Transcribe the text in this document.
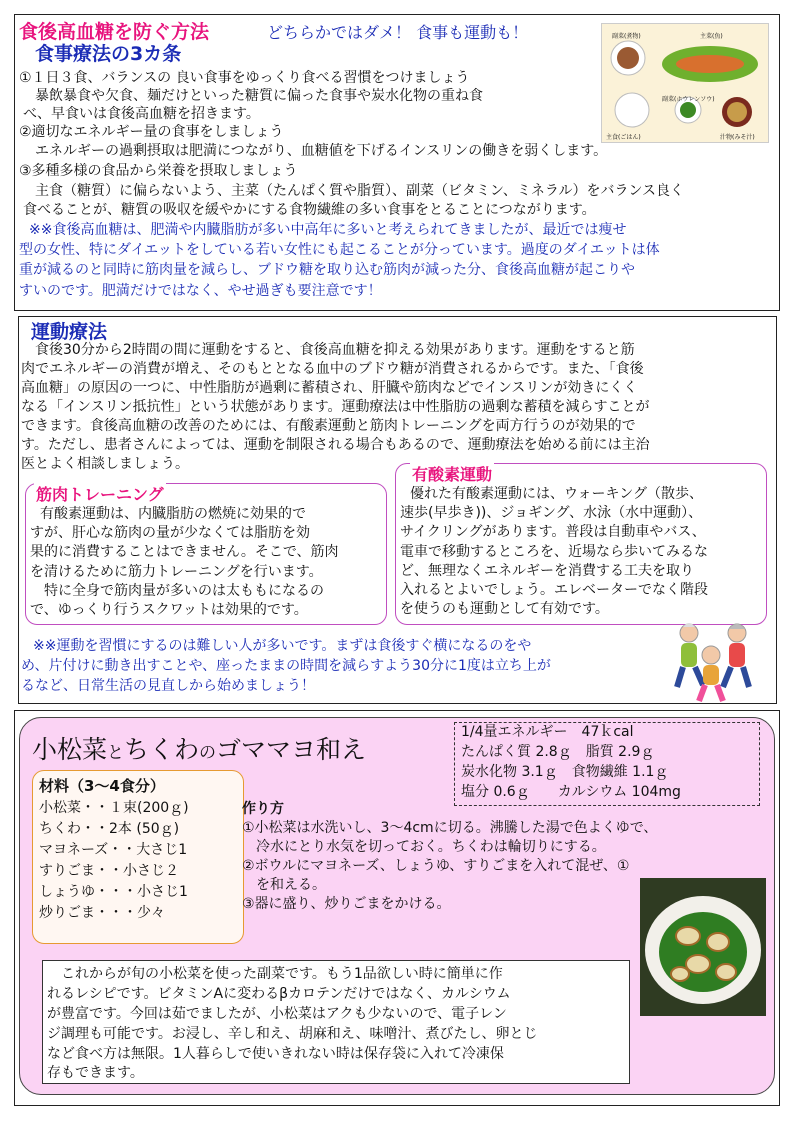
食後高血糖を防ぐ方法	どちらかではダメ！ 食事も運動も！
食事療法の3カ条
①１日３食、バランスの 良い食事をゆっくり食べる習慣をつけましょう
暴飲暴食や欠食、麺だけといった糖質に偏った食事や炭水化物の重ね食
べ、早食いは食後高血糖を招きます。
②適切なエネルギー量の食事をしましょう
エネルギーの過剰摂取は肥満につながり、血糖値を下げるインスリンの働きを弱くします。
③多種多様の食品から栄養を摂取しましょう
主食（糖質）に偏らないよう、主菜（たんぱく質や脂質）、副菜（ビタミン、ミネラル）をバランス良く
食べることが、糖質の吸収を緩やかにする食物繊維の多い食事をとることにつながります。
※※食後高血糖は、肥満や内臓脂肪が多い中高年に多いと考えられてきましたが、最近では痩せ
型の女性、特にダイエットをしている若い女性にも起こることが分っています。過度のダイエットは体
重が減るのと同時に筋肉量を減らし、ブドウ糖を取り込む筋肉が減った分、食後高血糖が起こりや
すいのです。肥満だけではなく、やせ過ぎも要注意です！
副菜(煮物)	主菜(魚)
副菜(ホウレンソウ)
主食(ごはん)	汁物(みそ汁)
運動療法
　食後30分から2時間の間に運動をすると、食後高血糖を抑える効果があります。運動をすると筋
肉でエネルギーの消費が増え、そのもととなる血中のブドウ糖が消費されるからです。また、「食後
高血糖」の原因の一つに、中性脂肪が過剰に蓄積され、肝臓や筋肉などでインスリンが効きにくく
なる「インスリン抵抗性」という状態があります。運動療法は中性脂肪の過剰な蓄積を減らすことが
できます。食後高血糖の改善のためには、有酸素運動と筋肉トレーニングを両方行うのが効果的で
す。ただし、患者さんによっては、運動を制限される場合もあるので、運動療法を始める前には主治
医とよく相談しましょう。
筋肉トレーニング
有酸素運動は、内臓脂肪の燃焼に効果的で
すが、肝心な筋肉の量が少なくては脂肪を効
果的に消費することはできません。そこで、筋肉
を清けるために筋力トレーニングを行います。
　特に全身で筋肉量が多いのは太ももになるの
で、ゆっくり行うスクワットは効果的です。
有酸素運動
優れた有酸素運動には、ウォーキング（散歩、
速歩(早歩き))、ジョギング、水泳（水中運動）、
サイクリングがあります。普段は自動車やバス、
電車で移動するところを、近場なら歩いてみるな
ど、無理なくエネルギーを消費する工夫を取り
入れるとよいでしょう。エレベーターでなく階段
を使うのも運動として有効です。
※※運動を習慣にするのは難しい人が多いです。まずは食後すぐ横になるのをや
め、片付けに動き出すことや、座ったままの時間を減らすよう30分に1度は立ち上が
るなど、日常生活の見直しから始めましょう！
小松菜とちくわのゴママヨ和え
1/4量エネルギー　47ｋcal
たんぱく質 2.8ｇ　脂質 2.9ｇ
炭水化物 3.1ｇ　食物繊維 1.1ｇ
塩分 0.6ｇ　　カルシウム 104mg
材料（3～4食分）
小松菜・・１束(200ｇ)
ちくわ・・2本 (50ｇ)
マヨネーズ・・大さじ1
すりごま・・小さじ２
しょうゆ・・・小さじ1
炒りごま・・・少々
作り方
①小松菜は水洗いし、3～4cmに切る。沸騰した湯で色よくゆで、
　冷水にとり水気を切っておく。ちくわは輪切りにする。
②ボウルにマヨネーズ、しょうゆ、すりごまを入れて混ぜ、①
　を和える。
③器に盛り、炒りごまをかける。
　これからが旬の小松菜を使った副菜です。もう1品欲しい時に簡単に作
れるレシピです。ビタミンAに変わるβカロテンだけではなく、カルシウム
が豊富です。今回は茹でましたが、小松菜はアクも少ないので、電子レン
ジ調理も可能です。お浸し、辛し和え、胡麻和え、味噌汁、煮びたし、卵とじ
など食べ方は無限。1人暮らしで使いきれない時は保存袋に入れて冷凍保
存もできます。
